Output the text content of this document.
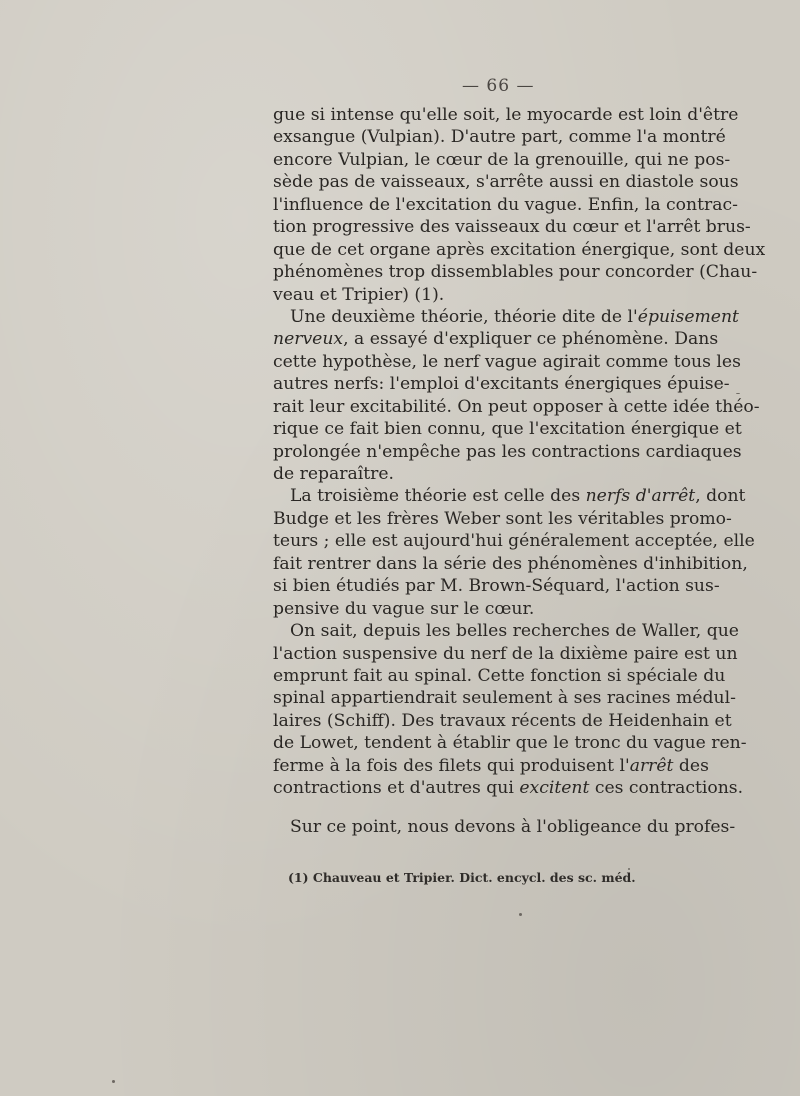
— 66 —
gue si intense qu'elle soit, le myocarde est loin d'être
exsangue (Vulpian). D'autre part, comme l'a montré
encore Vulpian, le cœur de la grenouille, qui ne pos-
sède pas de vaisseaux, s'arrête aussi en diastole sous
l'influence de l'excitation du vague. Enfin, la contrac-
tion progressive des vaisseaux du cœur et l'arrêt brus-
que de cet organe après excitation énergique, sont deux
phénomènes trop dissemblables pour concorder (Chau-
veau et Tripier) (1).
Une deuxième théorie, théorie dite de l'épuisement
nerveux, a essayé d'expliquer ce phénomène. Dans
cette hypothèse, le nerf vague agirait comme tous les
autres nerfs: l'emploi d'excitants énergiques épuise-
rait leur excitabilité. On peut opposer à cette idée théo-
rique ce fait bien connu, que l'excitation énergique et
prolongée n'empêche pas les contractions cardiaques
de reparaître.
La troisième théorie est celle des nerfs d'arrêt, dont
Budge et les frères Weber sont les véritables promo-
teurs ; elle est aujourd'hui généralement acceptée, elle
fait rentrer dans la série des phénomènes d'inhibition,
si bien étudiés par M. Brown-Séquard, l'action sus-
pensive du vague sur le cœur.
On sait, depuis les belles recherches de Waller, que
l'action suspensive du nerf de la dixième paire est un
emprunt fait au spinal. Cette fonction si spéciale du
spinal appartiendrait seulement à ses racines médul-
laires (Schiff). Des travaux récents de Heidenhain et
de Lowet, tendent à établir que le tronc du vague ren-
ferme à la fois des filets qui produisent l'arrêt des
contractions et d'autres qui excitent ces contractions.
Sur ce point, nous devons à l'obligeance du profes-
(1) Chauveau et Tripier. Dict. encycl. des sc. méd.
